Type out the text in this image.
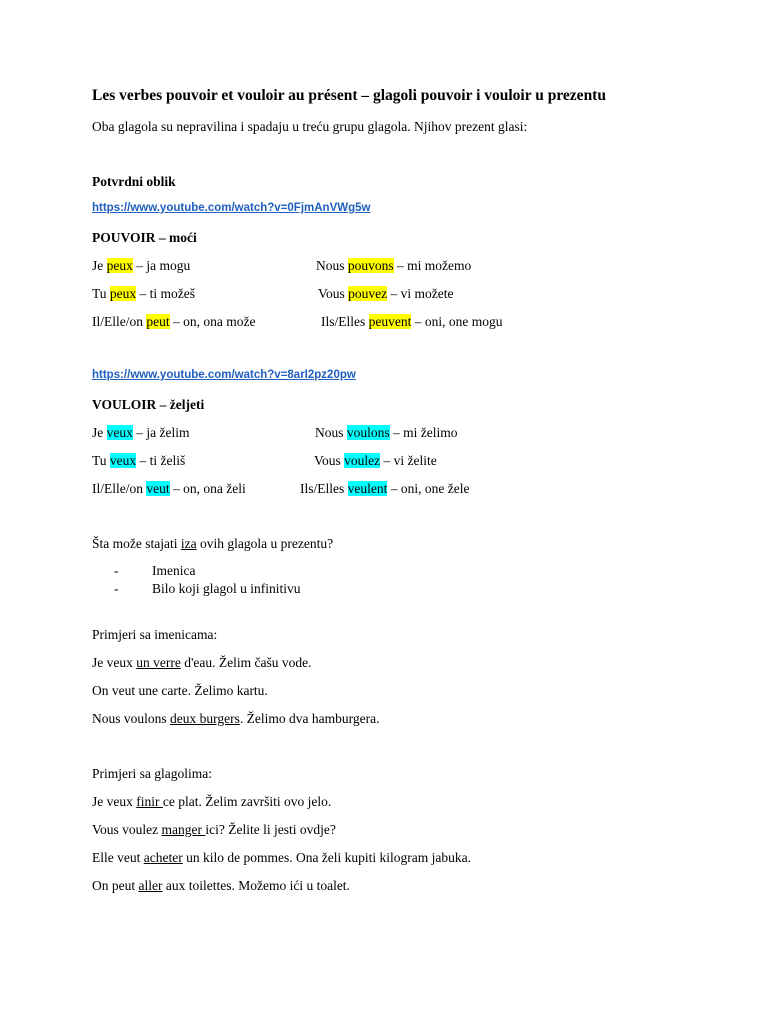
Les verbes pouvoir et vouloir au présent – glagoli pouvoir i vouloir u prezentu
Oba glagola su nepravilina i spadaju u treću grupu glagola. Njihov prezent glasi:
Potvrdni oblik
https://www.youtube.com/watch?v=0FjmAnVWg5w
POUVOIR – moći
Je peux – ja mogu	Nous pouvons – mi možemo
Tu peux – ti možeš	Vous pouvez – vi možete
Il/Elle/on peut – on, ona može	Ils/Elles peuvent – oni, one mogu
https://www.youtube.com/watch?v=8arI2pz20pw
VOULOIR – željeti
Je veux – ja želim	Nous voulons – mi želimo
Tu veux – ti želiš	Vous voulez – vi želite
Il/Elle/on veut – on, ona želi	Ils/Elles veulent – oni, one žele
Šta može stajati iza ovih glagola u prezentu?
- Imenica
- Bilo koji glagol u infinitivu
Primjeri sa imenicama:
Je veux un verre d'eau. Želim čašu vode.
On veut une carte. Želimo kartu.
Nous voulons deux burgers. Želimo dva hamburgera.
Primjeri sa glagolima:
Je veux finir ce plat. Želim završiti ovo jelo.
Vous voulez manger ici? Želite li jesti ovdje?
Elle veut acheter un kilo de pommes. Ona želi kupiti kilogram jabuka.
On peut aller aux toilettes. Možemo ići u toalet.
